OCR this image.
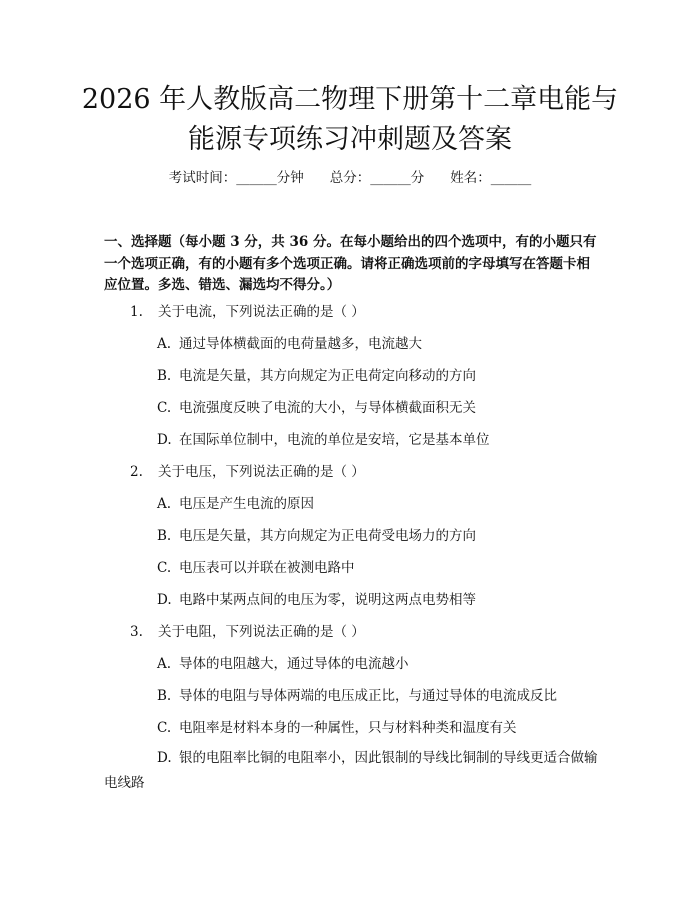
2026 年人教版高二物理下册第十二章电能与
能源专项练习冲刺题及答案
考试时间：______分钟 总分：______分 姓名：______

一、选择题（每小题 3 分，共 36 分。在每小题给出的四个选项中，有的小题只有一个选项正确，有的小题有多个选项正确。请将正确选项前的字母填写在答题卡相应位置。多选、错选、漏选均不得分。）

1. 关于电流，下列说法正确的是（ ）
A. 通过导体横截面的电荷量越多，电流越大
B. 电流是矢量，其方向规定为正电荷定向移动的方向
C. 电流强度反映了电流的大小，与导体横截面积无关
D. 在国际单位制中，电流的单位是安培，它是基本单位
2. 关于电压，下列说法正确的是（ ）
A. 电压是产生电流的原因
B. 电压是矢量，其方向规定为正电荷受电场力的方向
C. 电压表可以并联在被测电路中
D. 电路中某两点间的电压为零，说明这两点电势相等
3. 关于电阻，下列说法正确的是（ ）
A. 导体的电阻越大，通过导体的电流越小
B. 导体的电阻与导体两端的电压成正比，与通过导体的电流成反比
C. 电阻率是材料本身的一种属性，只与材料种类和温度有关
D. 银的电阻率比铜的电阻率小，因此银制的导线比铜制的导线更适合做输电线路
